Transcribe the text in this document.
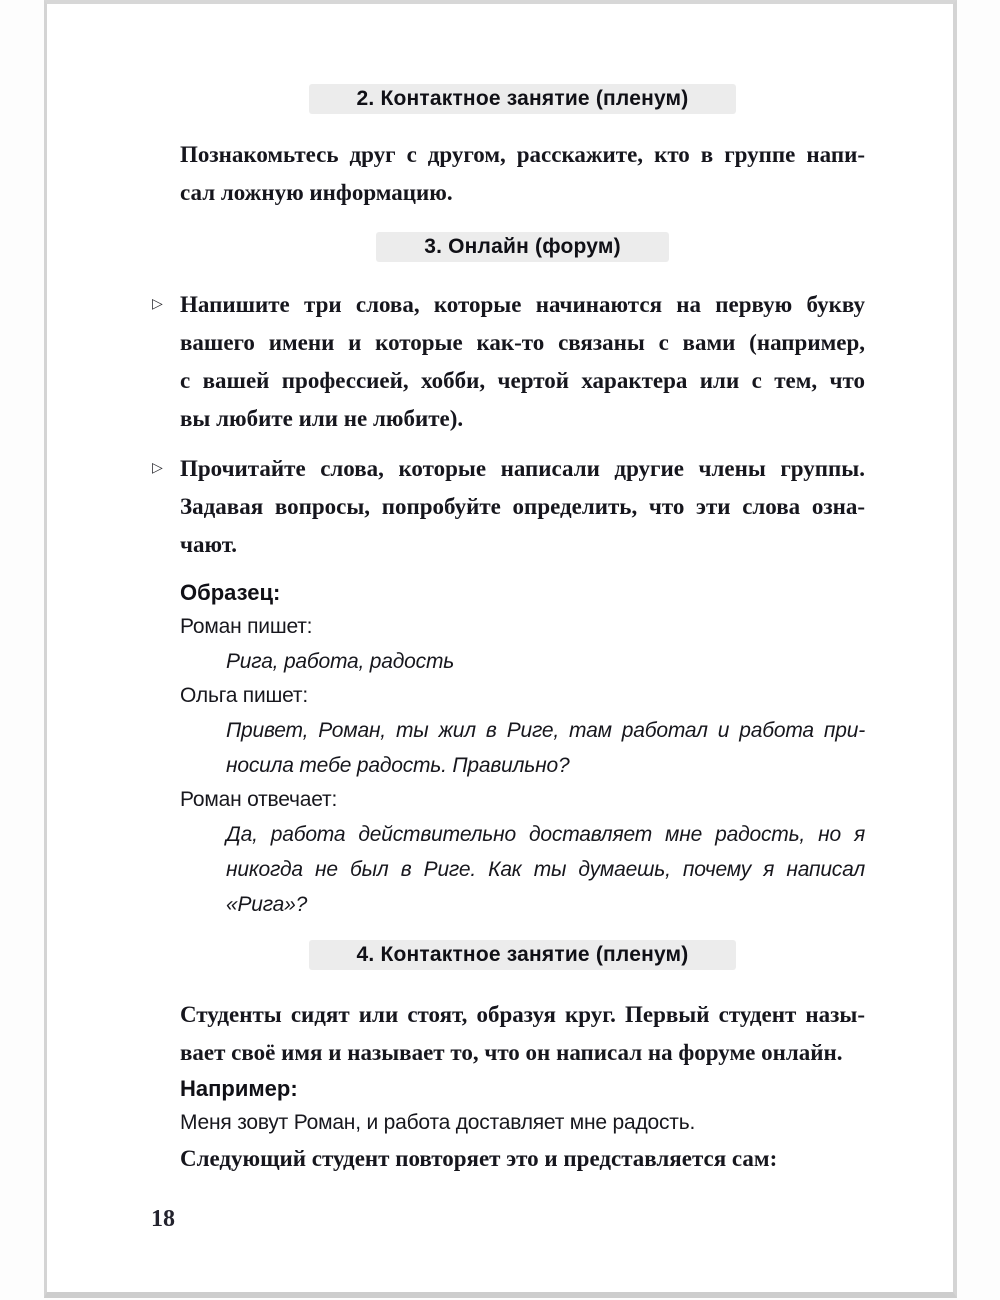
2. Контактное занятие (пленум)
Познакомьтесь друг с другом, расскажите, кто в группе напи-
сал ложную информацию.
3. Онлайн (форум)
▷ Напишите три слова, которые начинаются на первую букву
вашего имени и которые как-то связаны с вами (например,
с вашей профессией, хобби, чертой характера или с тем, что
вы любите или не любите).
▷ Прочитайте слова, которые написали другие члены группы.
Задавая вопросы, попробуйте определить, что эти слова озна-
чают.
Образец:
Роман пишет:
Рига, работа, радость
Ольга пишет:
Привет, Роман, ты жил в Риге, там работал и работа при-
носила тебе радость. Правильно?
Роман отвечает:
Да, работа действительно доставляет мне радость, но я
никогда не был в Риге. Как ты думаешь, почему я написал
«Рига»?
4. Контактное занятие (пленум)
Студенты сидят или стоят, образуя круг. Первый студент назы-
вает своё имя и называет то, что он написал на форуме онлайн.
Например:
Меня зовут Роман, и работа доставляет мне радость.
Следующий студент повторяет это и представляется сам:
18
